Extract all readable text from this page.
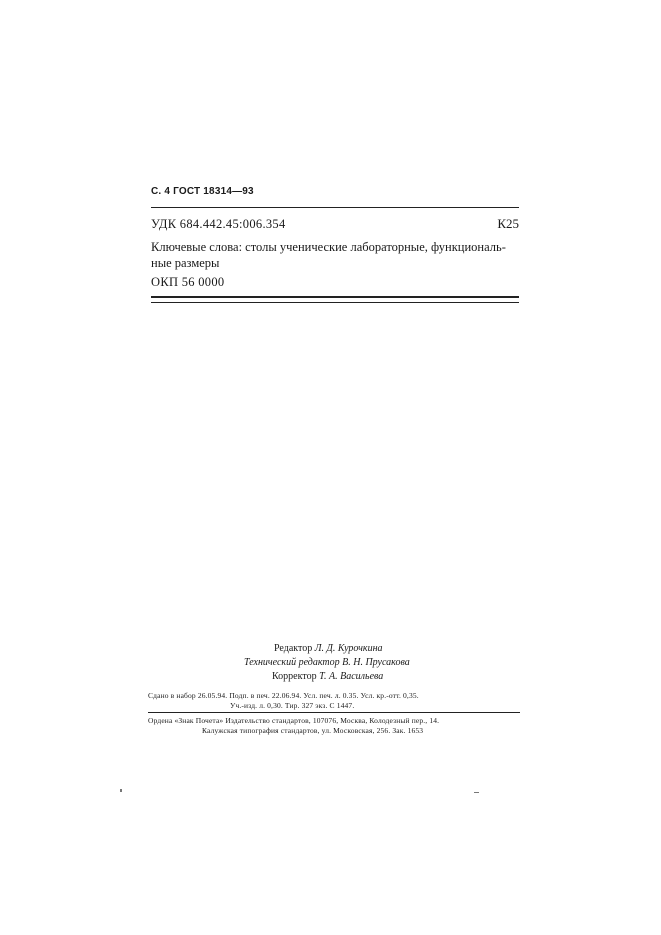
С. 4 ГОСТ 18314—93
УДК 684.442.45:006.354	К25
Ключевые слова: столы ученические лабораторные, функциональ-
ные размеры
ОКП 56 0000
Редактор Л. Д. Курочкина
Технический редактор В. Н. Прусакова
Корректор Т. А. Васильева
Сдано в набор 26.05.94. Подп. в печ. 22.06.94. Усл. печ. л. 0.35. Усл. кр.-отт. 0,35.
Уч.-изд. л. 0,30. Тир. 327 экз. С 1447.
Ордена «Знак Почета» Издательство стандартов, 107076, Москва, Колодезный пер., 14.
Калужская типография стандартов, ул. Московская, 256. Зак. 1653
